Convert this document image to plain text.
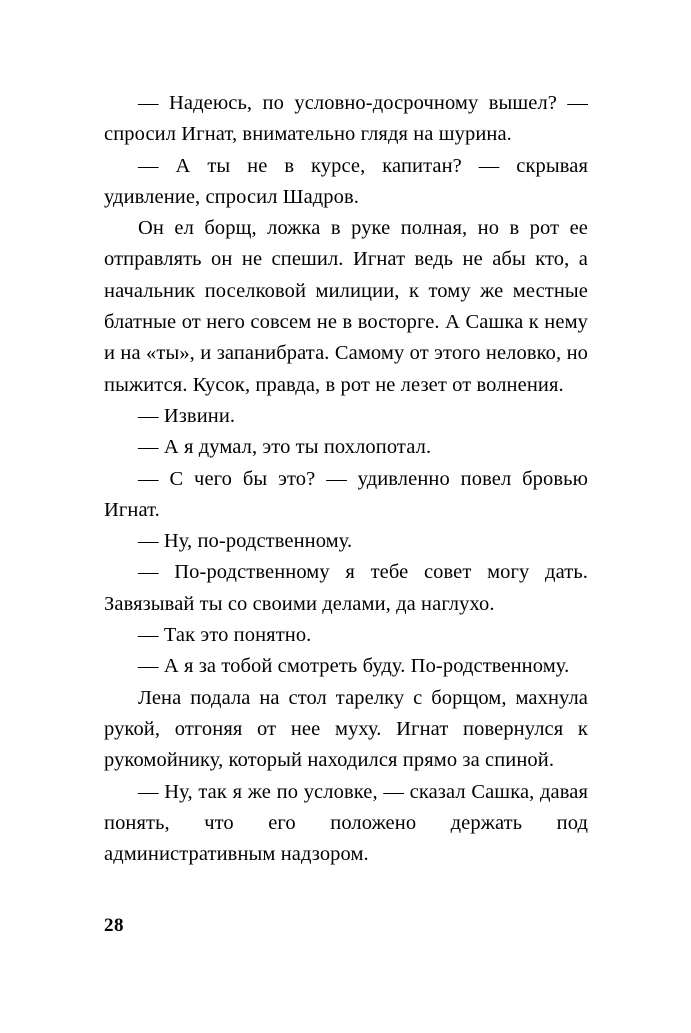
— Надеюсь, по условно-досрочному вышел? — спросил Игнат, внимательно глядя на шурина.

— А ты не в курсе, капитан? — скрывая удивление, спросил Шадров.

Он ел борщ, ложка в руке полная, но в рот ее отправлять он не спешил. Игнат ведь не абы кто, а начальник поселковой милиции, к тому же местные блатные от него совсем не в восторге. А Сашка к нему и на «ты», и запанибрата. Самому от этого неловко, но пыжится. Кусок, правда, в рот не лезет от волнения.

— Извини.

— А я думал, это ты похлопотал.

— С чего бы это? — удивленно повел бровью Игнат.

— Ну, по-родственному.

— По-родственному я тебе совет могу дать. Завязывай ты со своими делами, да наглухо.

— Так это понятно.

— А я за тобой смотреть буду. По-родственному.

Лена подала на стол тарелку с борщом, махнула рукой, отгоняя от нее муху. Игнат повернулся к рукомойнику, который находился прямо за спиной.

— Ну, так я же по условке, — сказал Сашка, давая понять, что его положено держать под административным надзором.

28
